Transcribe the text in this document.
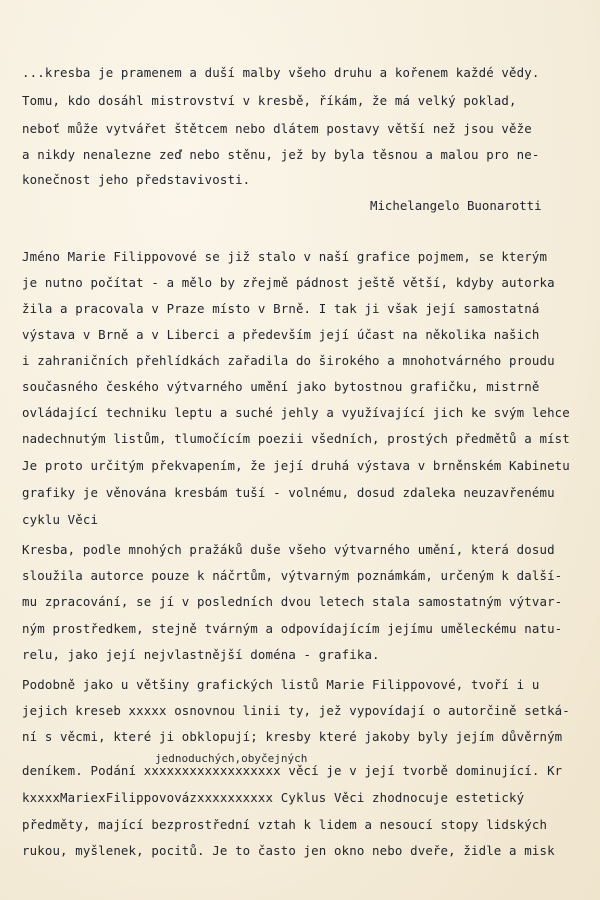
...kresba je pramenem a duší malby všeho druhu a kořenem každé vědy.
Tomu, kdo dosáhl mistrovství v kresbě, říkám, že má velký poklad,
neboť může vytvářet štětcem nebo dlátem postavy větší než jsou věže
a nikdy nenalezne zeď nebo stěnu, jež by byla těsnou a malou pro ne-
konečnost jeho představivosti.
Michelangelo Buonarotti
Jméno Marie Filippovové se již stalo v naší grafice pojmem, se kterým
je nutno počítat - a mělo by zřejmě pádnost ještě větší, kdyby autorka
žila a pracovala v Praze místo v Brně. I tak ji však její samostatná
výstava v Brně a v Liberci a především její účast na několika našich
i zahraničních přehlídkách zařadila do širokého a mnohotvárného proudu
současného českého výtvarného umění jako bytostnou grafičku, mistrně
ovládající techniku leptu a suché jehly a využívající jich ke svým lehce
nadechnutým listům, tlumočícím poezii všedních, prostých předmětů a míst
Je proto určitým překvapením, že její druhá výstava v brněnském Kabinetu
grafiky je věnována kresbám tuší - volnému, dosud zdaleka neuzavřenému
cyklu Věci
Kresba, podle mnohých pražáků duše všeho výtvarného umění, která dosud
sloužila autorce pouze k náčrtům, výtvarným poznámkám, určeným k další-
mu zpracování, se jí v posledních dvou letech stala samostatným výtvar-
ným prostředkem, stejně tvárným a odpovídajícím jejímu uměleckému natu-
relu, jako její nejvlastnější doména - grafika.
Podobně jako u většiny grafických listů Marie Filippovové, tvoří i u
jejich kreseb xxxxx osnovnou linii ty, jež vypovídají o autorčině setká-
ní s věcmi, které ji obklopují; kresby které jakoby byly jejím důvěrným
jednoduchých,obyčejných
deníkem. Podání xxxxxxxxxxxxxxxxxx věcí je v její tvorbě dominující. Kr
kxxxxMariexFilippovovázxxxxxxxxxx Cyklus Věci zhodnocuje estetický
předměty, mající bezprostřední vztah k lidem a nesoucí stopy lidských
rukou, myšlenek, pocitů. Je to často jen okno nebo dveře, židle a misk
